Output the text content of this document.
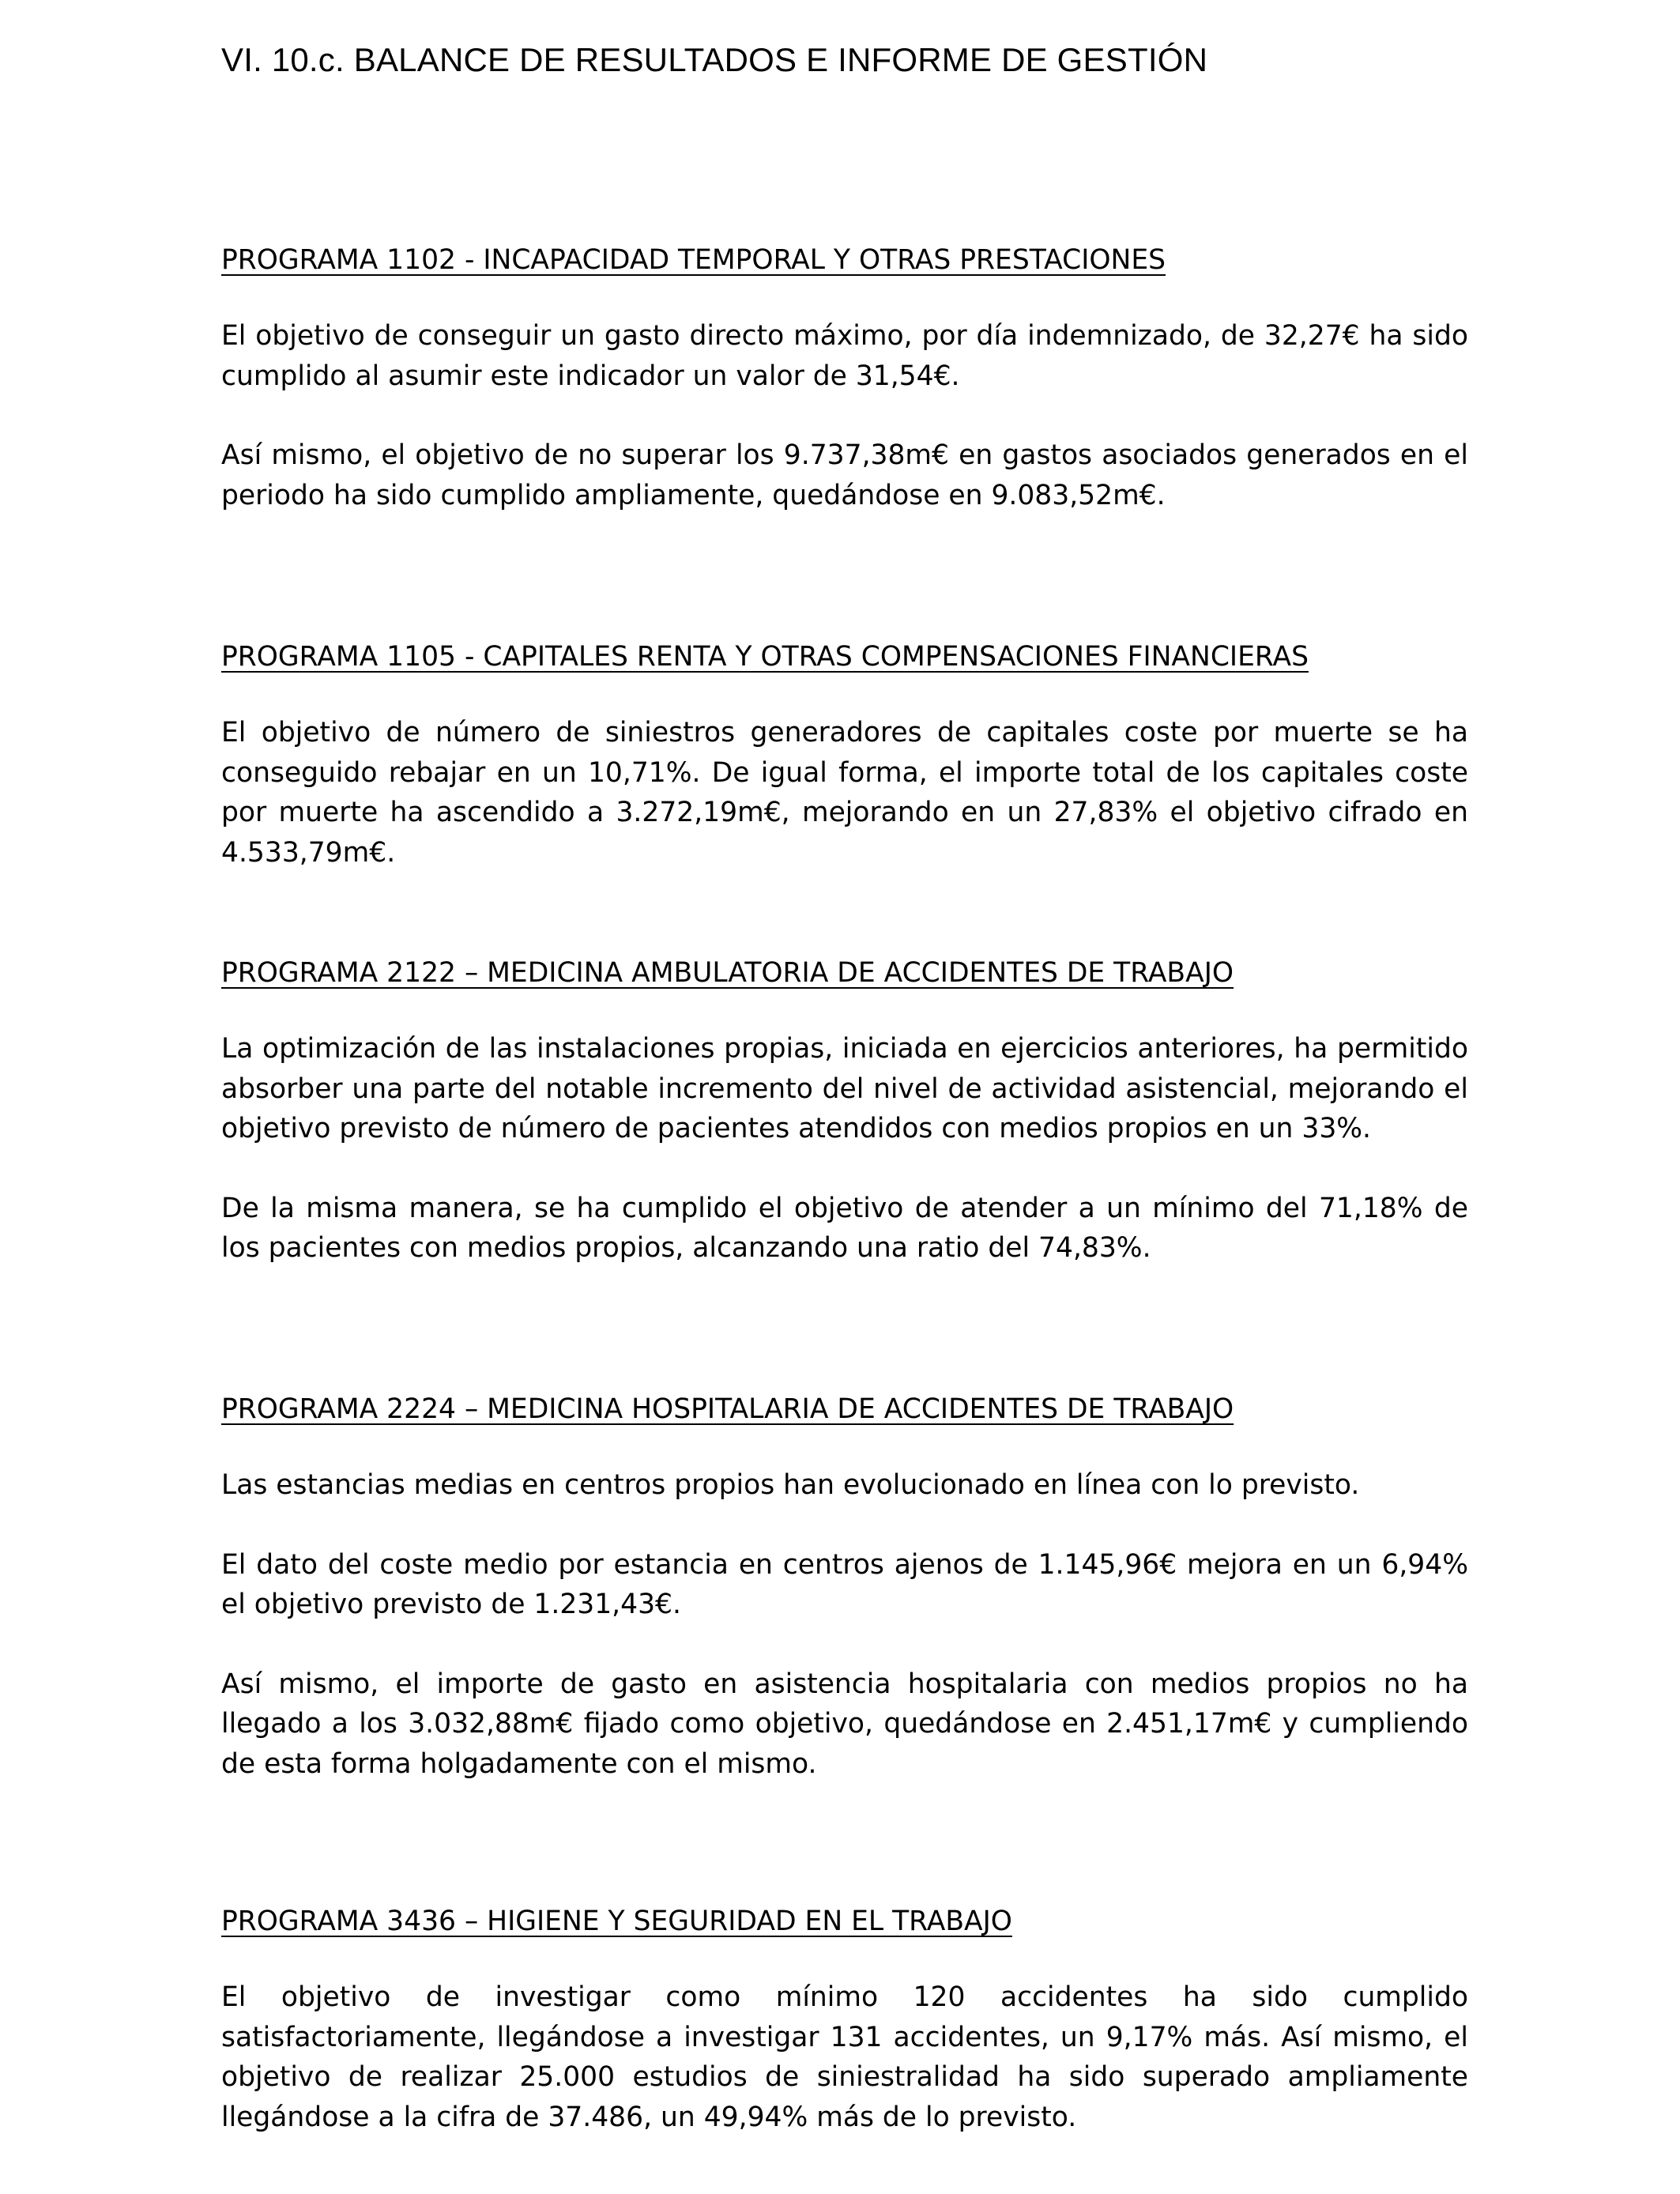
VI. 10.c. BALANCE DE RESULTADOS E INFORME DE GESTIÓN
PROGRAMA 1102 - INCAPACIDAD TEMPORAL Y OTRAS PRESTACIONES

El objetivo de conseguir un gasto directo máximo, por día indemnizado, de 32,27€ ha sido cumplido al asumir este indicador un valor de 31,54€.

Así mismo, el objetivo de no superar los 9.737,38m€ en gastos asociados generados en el periodo ha sido cumplido ampliamente, quedándose en 9.083,52m€.

PROGRAMA 1105 - CAPITALES RENTA Y OTRAS COMPENSACIONES FINANCIERAS

El objetivo de número de siniestros generadores de capitales coste por muerte se ha conseguido rebajar en un 10,71%. De igual forma, el importe total de los capitales coste por muerte ha ascendido a 3.272,19m€, mejorando en un 27,83% el objetivo cifrado en 4.533,79m€.

PROGRAMA 2122 – MEDICINA AMBULATORIA DE ACCIDENTES DE TRABAJO

La optimización de las instalaciones propias, iniciada en ejercicios anteriores, ha permitido absorber una parte del notable incremento del nivel de actividad asistencial, mejorando el objetivo previsto de número de pacientes atendidos con medios propios en un 33%.

De la misma manera, se ha cumplido el objetivo de atender a un mínimo del 71,18% de los pacientes con medios propios, alcanzando una ratio del 74,83%.

PROGRAMA 2224 – MEDICINA HOSPITALARIA DE ACCIDENTES DE TRABAJO

Las estancias medias en centros propios han evolucionado en línea con lo previsto.

El dato del coste medio por estancia en centros ajenos de 1.145,96€ mejora en un 6,94% el objetivo previsto de 1.231,43€.

Así mismo, el importe de gasto en asistencia hospitalaria con medios propios no ha llegado a los 3.032,88m€ fijado como objetivo, quedándose en 2.451,17m€ y cumpliendo de esta forma holgadamente con el mismo.

PROGRAMA 3436 – HIGIENE Y SEGURIDAD EN EL TRABAJO

El objetivo de investigar como mínimo 120 accidentes ha sido cumplido satisfactoriamente, llegándose a investigar 131 accidentes, un 9,17% más. Así mismo, el objetivo de realizar 25.000 estudios de siniestralidad ha sido superado ampliamente llegándose a la cifra de 37.486, un 49,94% más de lo previsto.
